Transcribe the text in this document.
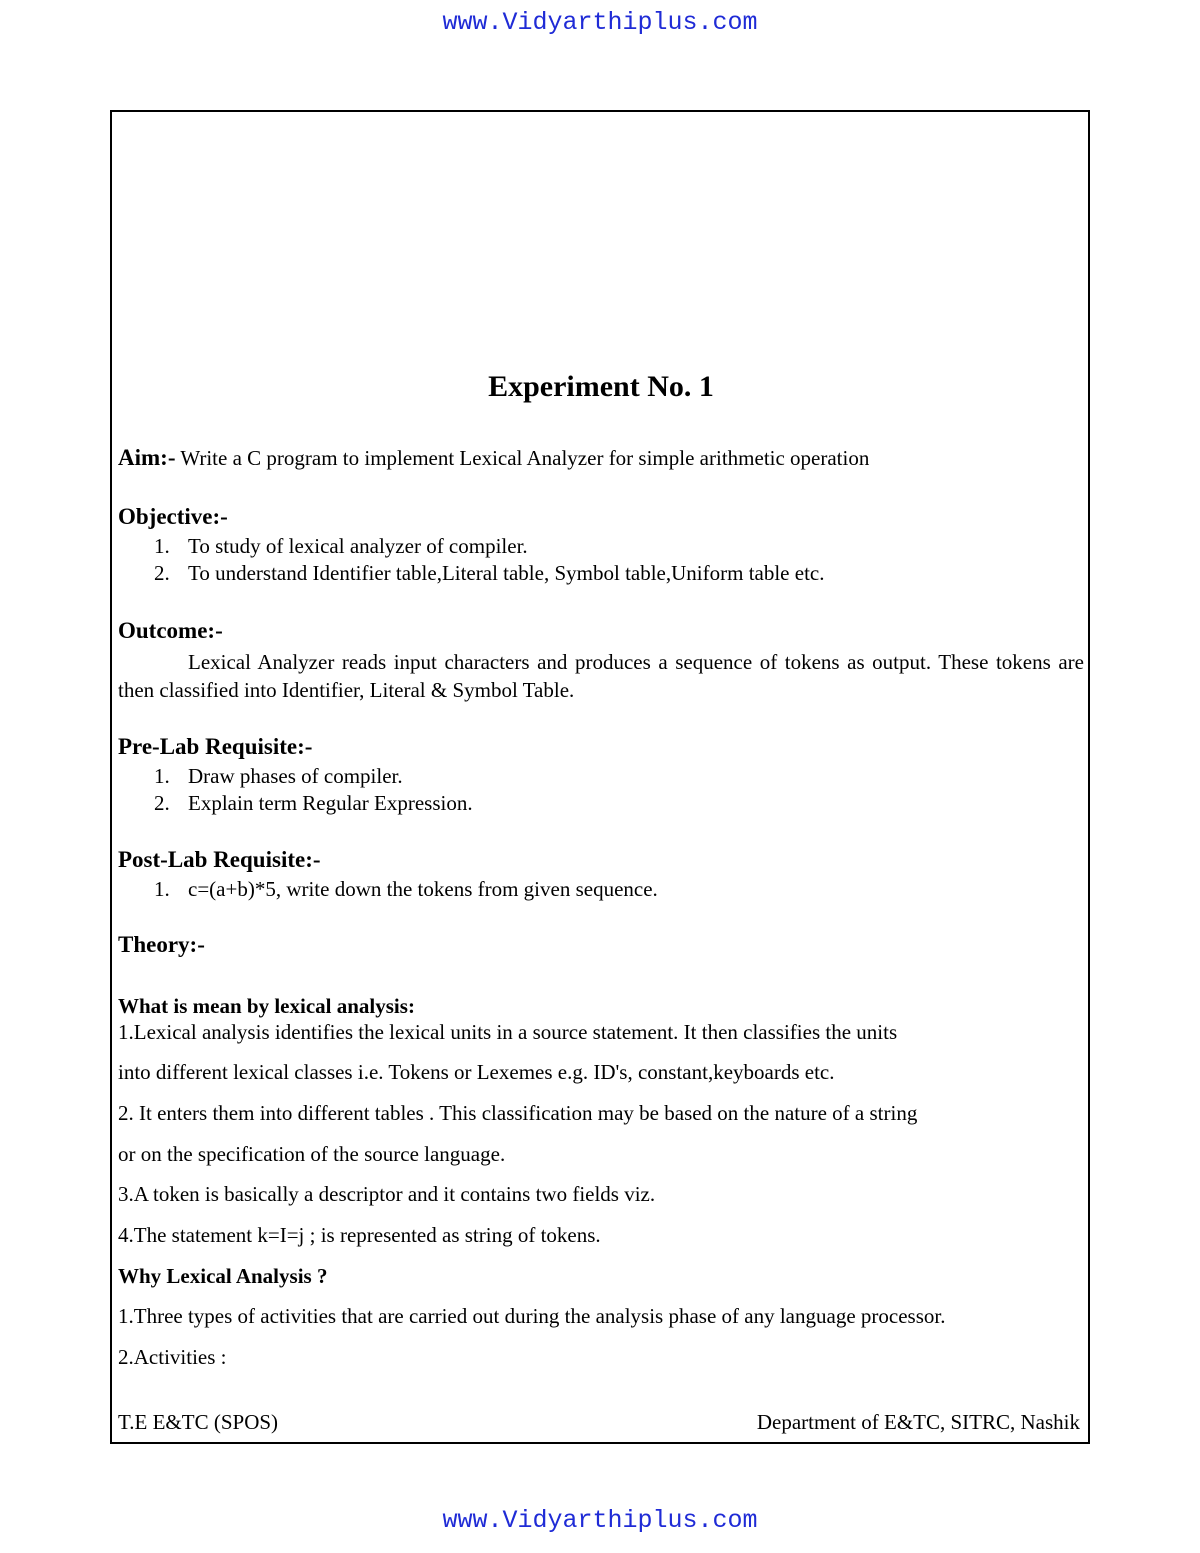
www.Vidyarthiplus.com
Experiment No. 1
Aim:- Write a C program to implement Lexical Analyzer for simple arithmetic operation
Objective:-
1. To study of lexical analyzer of compiler.
2. To understand Identifier table,Literal table, Symbol table,Uniform table etc.
Outcome:-
Lexical Analyzer reads input characters and produces a sequence of tokens as output. These tokens are then classified into Identifier, Literal & Symbol Table.
Pre-Lab Requisite:-
1. Draw phases of compiler.
2. Explain term Regular Expression.
Post-Lab Requisite:-
1. c=(a+b)*5, write down the tokens from given sequence.
Theory:-
What is mean by lexical analysis:
1.Lexical analysis identifies the lexical units in a source statement. It then classifies the units
into different lexical classes i.e. Tokens or Lexemes e.g. ID's, constant,keyboards etc.
2. It enters them into different tables . This classification may be based on the nature of a string
or on the specification of the source language.
3.A token is basically a descriptor and it contains two fields viz.
4.The statement k=I=j ; is represented as string of tokens.
Why Lexical Analysis ?
1.Three types of activities that are carried out during the analysis phase of any language processor.
2.Activities :
T.E E&TC (SPOS)	Department of E&TC, SITRC, Nashik
www.Vidyarthiplus.com
